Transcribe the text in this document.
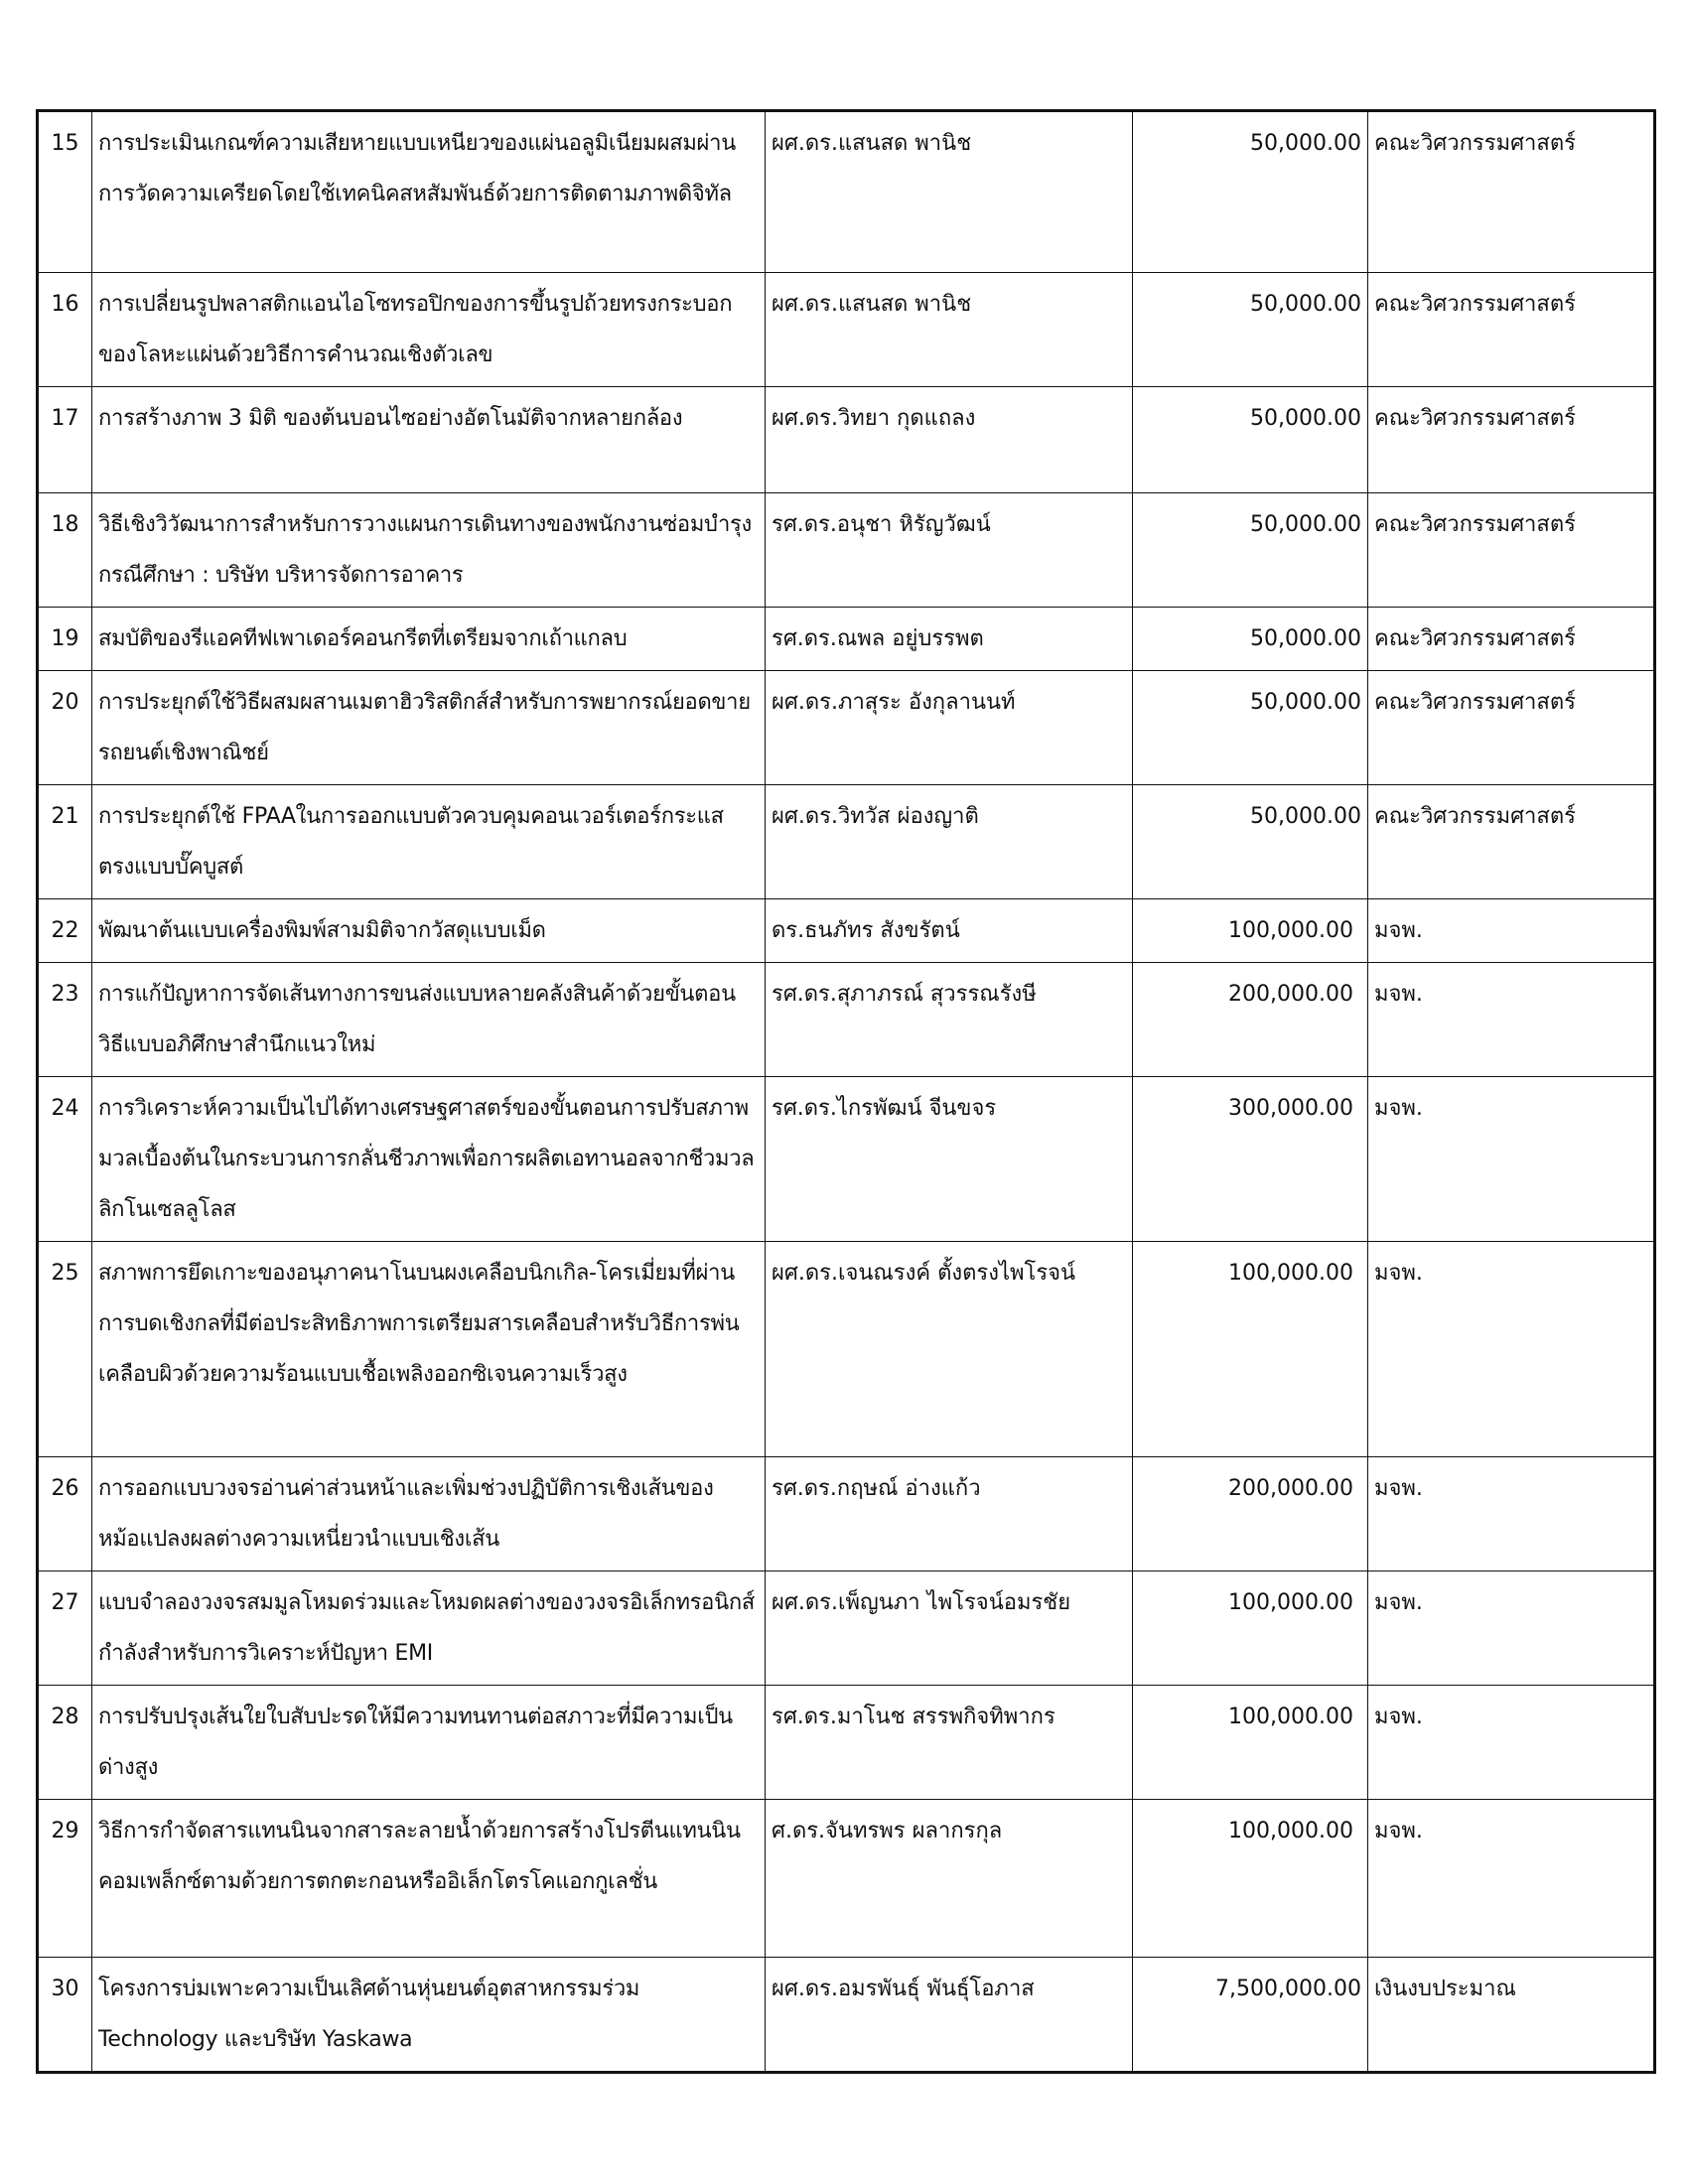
15	การประเมินเกณฑ์ความเสียหายแบบเหนียวของแผ่นอลูมิเนียมผสมผ่านการวัดความเครียดโดยใช้เทคนิคสหสัมพันธ์ด้วยการติดตามภาพดิจิทัล	ผศ.ดร.แสนสด พานิช	50,000.00	คณะวิศวกรรมศาสตร์
16	การเปลี่ยนรูปพลาสติกแอนไอโซทรอปิกของการขึ้นรูปถ้วยทรงกระบอกของโลหะแผ่นด้วยวิธีการคำนวณเชิงตัวเลข	ผศ.ดร.แสนสด พานิช	50,000.00	คณะวิศวกรรมศาสตร์
17	การสร้างภาพ 3 มิติ ของต้นบอนไซอย่างอัตโนมัติจากหลายกล้อง	ผศ.ดร.วิทยา กุดแถลง	50,000.00	คณะวิศวกรรมศาสตร์
18	วิธีเชิงวิวัฒนาการสำหรับการวางแผนการเดินทางของพนักงานซ่อมบำรุง กรณีศึกษา : บริษัท บริหารจัดการอาคาร	รศ.ดร.อนุชา หิรัญวัฒน์	50,000.00	คณะวิศวกรรมศาสตร์
19	สมบัติของรีแอคทีฟเพาเดอร์คอนกรีตที่เตรียมจากเถ้าแกลบ	รศ.ดร.ณพล อยู่บรรพต	50,000.00	คณะวิศวกรรมศาสตร์
20	การประยุกต์ใช้วิธีผสมผสานเมตาฮิวริสติกส์สำหรับการพยากรณ์ยอดขายรถยนต์เชิงพาณิชย์	ผศ.ดร.ภาสุระ อังกุลานนท์	50,000.00	คณะวิศวกรรมศาสตร์
21	การประยุกต์ใช้ FPAAในการออกแบบตัวควบคุมคอนเวอร์เตอร์กระแสตรงแบบบั๊คบูสต์	ผศ.ดร.วิทวัส ผ่องญาติ	50,000.00	คณะวิศวกรรมศาสตร์
22	พัฒนาต้นแบบเครื่องพิมพ์สามมิติจากวัสดุแบบเม็ด	ดร.ธนภัทร สังขรัตน์	100,000.00	มจพ.
23	การแก้ปัญหาการจัดเส้นทางการขนส่งแบบหลายคลังสินค้าด้วยขั้นตอนวิธีแบบอภิศึกษาสำนึกแนวใหม่	รศ.ดร.สุภาภรณ์ สุวรรณรังษี	200,000.00	มจพ.
24	การวิเคราะห์ความเป็นไปได้ทางเศรษฐศาสตร์ของขั้นตอนการปรับสภาพมวลเบื้องต้นในกระบวนการกลั่นชีวภาพเพื่อการผลิตเอทานอลจากชีวมวลลิกโนเซลลูโลส	รศ.ดร.ไกรพัฒน์ จีนขจร	300,000.00	มจพ.
25	สภาพการยึดเกาะของอนุภาคนาโนบนผงเคลือบนิกเกิล-โครเมี่ยมที่ผ่านการบดเชิงกลที่มีต่อประสิทธิภาพการเตรียมสารเคลือบสำหรับวิธีการพ่นเคลือบผิวด้วยความร้อนแบบเชื้อเพลิงออกซิเจนความเร็วสูง	ผศ.ดร.เจนณรงค์ ตั้งตรงไพโรจน์	100,000.00	มจพ.
26	การออกแบบวงจรอ่านค่าส่วนหน้าและเพิ่มช่วงปฏิบัติการเชิงเส้นของหม้อแปลงผลต่างความเหนี่ยวนำแบบเชิงเส้น	รศ.ดร.กฤษณ์ อ่างแก้ว	200,000.00	มจพ.
27	แบบจำลองวงจรสมมูลโหมดร่วมและโหมดผลต่างของวงจรอิเล็กทรอนิกส์กำลังสำหรับการวิเคราะห์ปัญหา EMI	ผศ.ดร.เพ็ญนภา ไพโรจน์อมรชัย	100,000.00	มจพ.
28	การปรับปรุงเส้นใยใบสับปะรดให้มีความทนทานต่อสภาวะที่มีความเป็นด่างสูง	รศ.ดร.มาโนช สรรพกิจทิพากร	100,000.00	มจพ.
29	วิธีการกำจัดสารแทนนินจากสารละลายน้ำด้วยการสร้างโปรตีนแทนนินคอมเพล็กซ์ตามด้วยการตกตะกอนหรืออิเล็กโตรโคแอกกูเลชั่น	ศ.ดร.จันทรพร ผลากรกุล	100,000.00	มจพ.
30	โครงการบ่มเพาะความเป็นเลิศด้านหุ่นยนต์อุตสาหกรรมร่วม Technology และบริษัท Yaskawa	ผศ.ดร.อมรพันธุ์ พันธุ์โอภาส	7,500,000.00	เงินงบประมาณ
